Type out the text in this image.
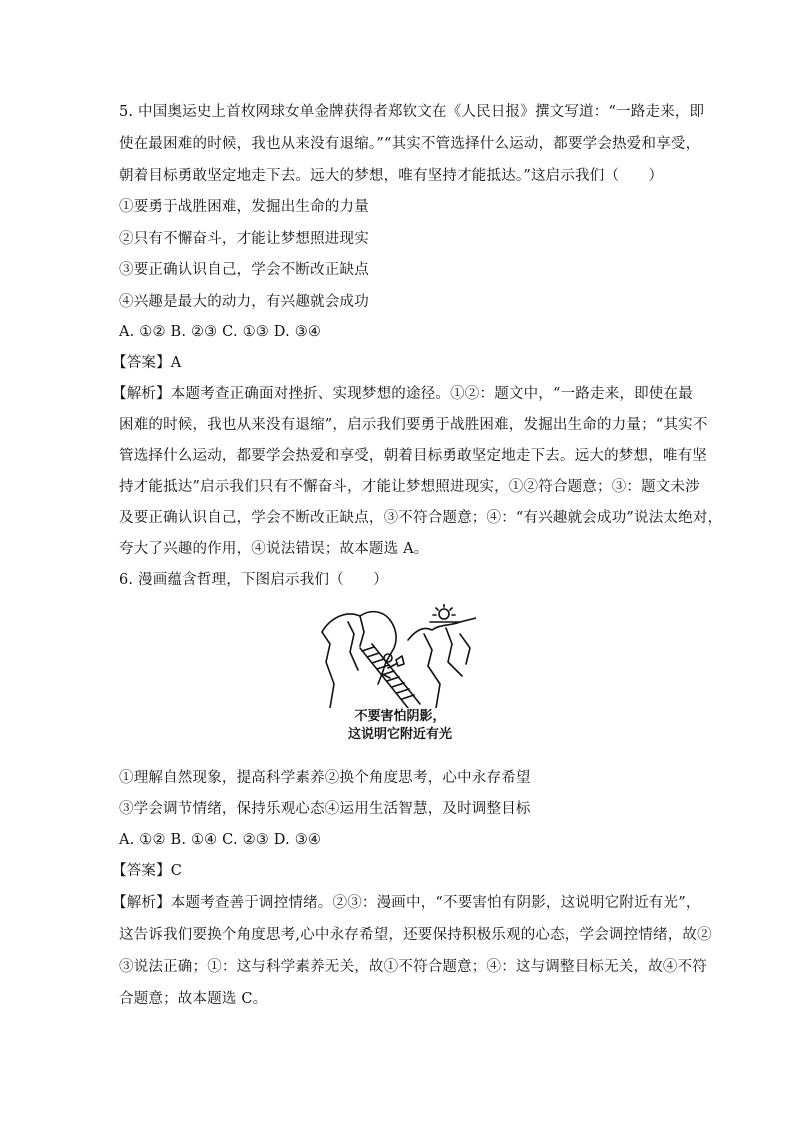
5. 中国奥运史上首枚网球女单金牌获得者郑钦文在《人民日报》撰文写道：“一路走来，即
使在最困难的时候，我也从来没有退缩。”“其实不管选择什么运动，都要学会热爱和享受，
朝着目标勇敢坚定地走下去。远大的梦想，唯有坚持才能抵达。”这启示我们（　　）
①要勇于战胜困难，发掘出生命的力量
②只有不懈奋斗，才能让梦想照进现实
③要正确认识自己，学会不断改正缺点
④兴趣是最大的动力，有兴趣就会成功
A. ①② B. ②③ C. ①③ D. ③④
【答案】A
【解析】本题考查正确面对挫折、实现梦想的途径。①②：题文中，“一路走来，即使在最
困难的时候，我也从来没有退缩”，启示我们要勇于战胜困难，发掘出生命的力量；“其实不
管选择什么运动，都要学会热爱和享受，朝着目标勇敢坚定地走下去。远大的梦想，唯有坚
持才能抵达”启示我们只有不懈奋斗，才能让梦想照进现实，①②符合题意；③：题文未涉
及要正确认识自己，学会不断改正缺点，③不符合题意；④：“有兴趣就会成功”说法太绝对，
夸大了兴趣的作用，④说法错误；故本题选 A。
6. 漫画蕴含哲理，下图启示我们（　　）
不要害怕阴影，
这说明它附近有光
①理解自然现象，提高科学素养②换个角度思考，心中永存希望
③学会调节情绪，保持乐观心态④运用生活智慧，及时调整目标
A. ①② B. ①④ C. ②③ D. ③④
【答案】C
【解析】本题考查善于调控情绪。②③：漫画中，“不要害怕有阴影，这说明它附近有光”，
这告诉我们要换个角度思考,心中永存希望，还要保持积极乐观的心态，学会调控情绪，故②
③说法正确；①：这与科学素养无关，故①不符合题意；④：这与调整目标无关，故④不符
合题意；故本题选 C。
